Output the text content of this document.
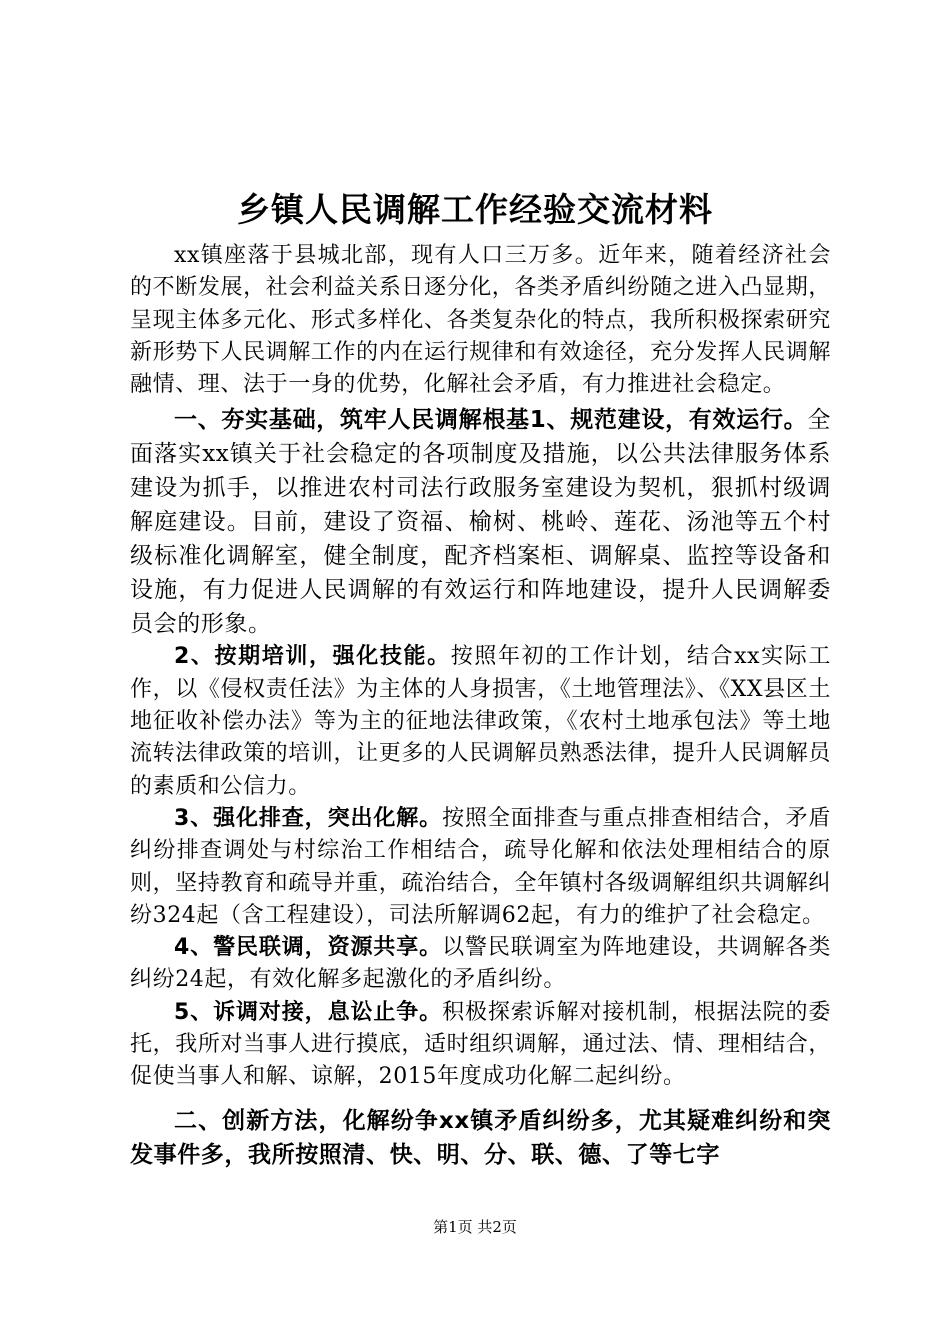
乡镇人民调解工作经验交流材料

xx镇座落于县城北部，现有人口三万多。近年来，随着经济社会的不断发展，社会利益关系日逐分化，各类矛盾纠纷随之进入凸显期，呈现主体多元化、形式多样化、各类复杂化的特点，我所积极探索研究新形势下人民调解工作的内在运行规律和有效途径，充分发挥人民调解融情、理、法于一身的优势，化解社会矛盾，有力推进社会稳定。

一、夯实基础，筑牢人民调解根基1、规范建设，有效运行。全面落实xx镇关于社会稳定的各项制度及措施，以公共法律服务体系建设为抓手，以推进农村司法行政服务室建设为契机，狠抓村级调解庭建设。目前，建设了资福、榆树、桃岭、莲花、汤池等五个村级标准化调解室，健全制度，配齐档案柜、调解桌、监控等设备和设施，有力促进人民调解的有效运行和阵地建设，提升人民调解委员会的形象。

2、按期培训，强化技能。按照年初的工作计划，结合xx实际工作，以《侵权责任法》为主体的人身损害，《土地管理法》、《XX县区土地征收补偿办法》等为主的征地法律政策，《农村土地承包法》等土地流转法律政策的培训，让更多的人民调解员熟悉法律，提升人民调解员的素质和公信力。

3、强化排查，突出化解。按照全面排查与重点排查相结合，矛盾纠纷排查调处与村综治工作相结合，疏导化解和依法处理相结合的原则，坚持教育和疏导并重，疏治结合，全年镇村各级调解组织共调解纠纷324起（含工程建设），司法所解调62起，有力的维护了社会稳定。

4、警民联调，资源共享。以警民联调室为阵地建设，共调解各类纠纷24起，有效化解多起激化的矛盾纠纷。

5、诉调对接，息讼止争。积极探索诉解对接机制，根据法院的委托，我所对当事人进行摸底，适时组织调解，通过法、情、理相结合，促使当事人和解、谅解，2015年度成功化解二起纠纷。

二、创新方法，化解纷争xx镇矛盾纠纷多，尤其疑难纠纷和突发事件多，我所按照清、快、明、分、联、德、了等七字

第1页 共2页
